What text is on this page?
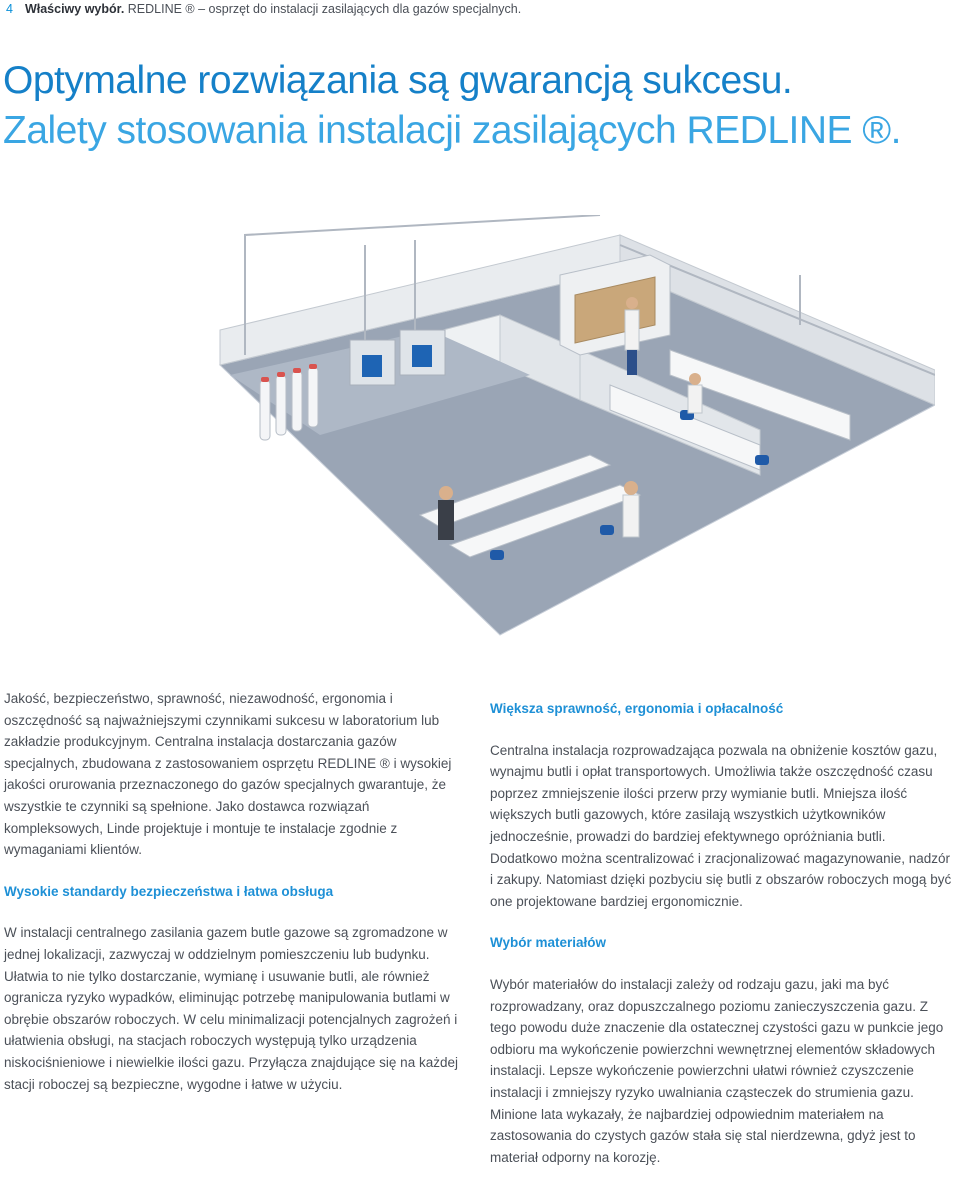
4 Właściwy wybór. REDLINE ® – osprzęt do instalacji zasilających dla gazów specjalnych.
Optymalne rozwiązania są gwarancją sukcesu.
Zalety stosowania instalacji zasilających REDLINE ®.

Jakość, bezpieczeństwo, sprawność, niezawodność, ergonomia i oszczędność są najważniejszymi czynnikami sukcesu w laboratorium lub zakładzie produkcyjnym. Centralna instalacja dostarczania gazów specjalnych, zbudowana z zastosowaniem osprzętu REDLINE ® i wysokiej jakości orurowania przeznaczonego do gazów specjalnych gwarantuje, że wszystkie te czynniki są spełnione. Jako dostawca rozwiązań kompleksowych, Linde projektuje i montuje te instalacje zgodnie z wymaganiami klientów.

Wysokie standardy bezpieczeństwa i łatwa obsługa

W instalacji centralnego zasilania gazem butle gazowe są zgromadzone w jednej lokalizacji, zazwyczaj w oddzielnym pomieszczeniu lub budynku. Ułatwia to nie tylko dostarczanie, wymianę i usuwanie butli, ale również ogranicza ryzyko wypadków, eliminując potrzebę manipulowania butlami w obrębie obszarów roboczych. W celu minimalizacji potencjalnych zagrożeń i ułatwienia obsługi, na stacjach roboczych występują tylko urządzenia niskociśnieniowe i niewielkie ilości gazu. Przyłącza znajdujące się na każdej stacji roboczej są bezpieczne, wygodne i łatwe w użyciu.

Większa sprawność, ergonomia i opłacalność

Centralna instalacja rozprowadzająca pozwala na obniżenie kosztów gazu, wynajmu butli i opłat transportowych. Umożliwia także oszczędność czasu poprzez zmniejszenie ilości przerw przy wymianie butli. Mniejsza ilość większych butli gazowych, które zasilają wszystkich użytkowników jednocześnie, prowadzi do bardziej efektywnego opróżniania butli. Dodatkowo można scentralizować i zracjonalizować magazynowanie, nadzór i zakupy. Natomiast dzięki pozbyciu się butli z obszarów roboczych mogą być one projektowane bardziej ergonomicznie.

Wybór materiałów

Wybór materiałów do instalacji zależy od rodzaju gazu, jaki ma być rozprowadzany, oraz dopuszczalnego poziomu zanieczyszczenia gazu. Z tego powodu duże znaczenie dla ostatecznej czystości gazu w punkcie jego odbioru ma wykończenie powierzchni wewnętrznej elementów składowych instalacji. Lepsze wykończenie powierzchni ułatwi również czyszczenie instalacji i zmniejszy ryzyko uwalniania cząsteczek do strumienia gazu. Minione lata wykazały, że najbardziej odpowiednim materiałem na zastosowania do czystych gazów stała się stal nierdzewna, gdyż jest to materiał odporny na korozję.
